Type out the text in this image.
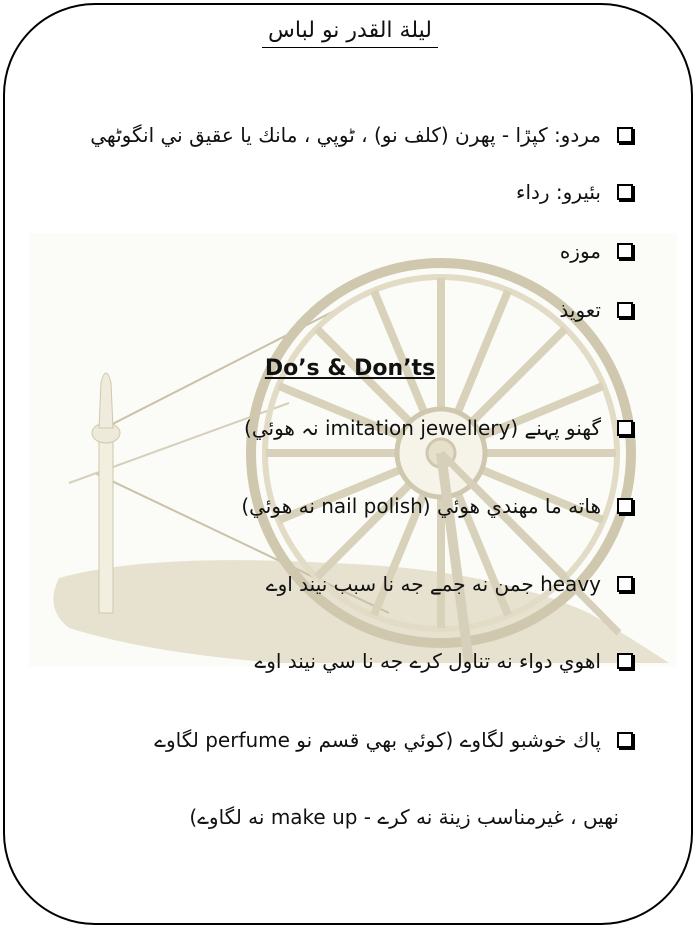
ليلة القدر نو لباس
مردو: كپڙا - پهرن (كلف نو) ، ٹوپي ، مانك يا عقيق ني انگوٹهي
بئيرو: رداء
موزه
تعويذ
Do’s & Don’ts
گھنو پہنے (imitation jewellery نہ هوئي)
هاته ما مهندي هوئي (nail polish نه هوئي)
heavy جمن نه جمے جه نا سبب نيند اوے
اهوي دواء نه تناول كرے جه نا سي نيند اوے
پاك خوشبو لگاوے (كوئي بهي قسم نو perfume لگاوے
نهيں ، غيرمناسب زينة نه كرے - make up نه لگاوے)
